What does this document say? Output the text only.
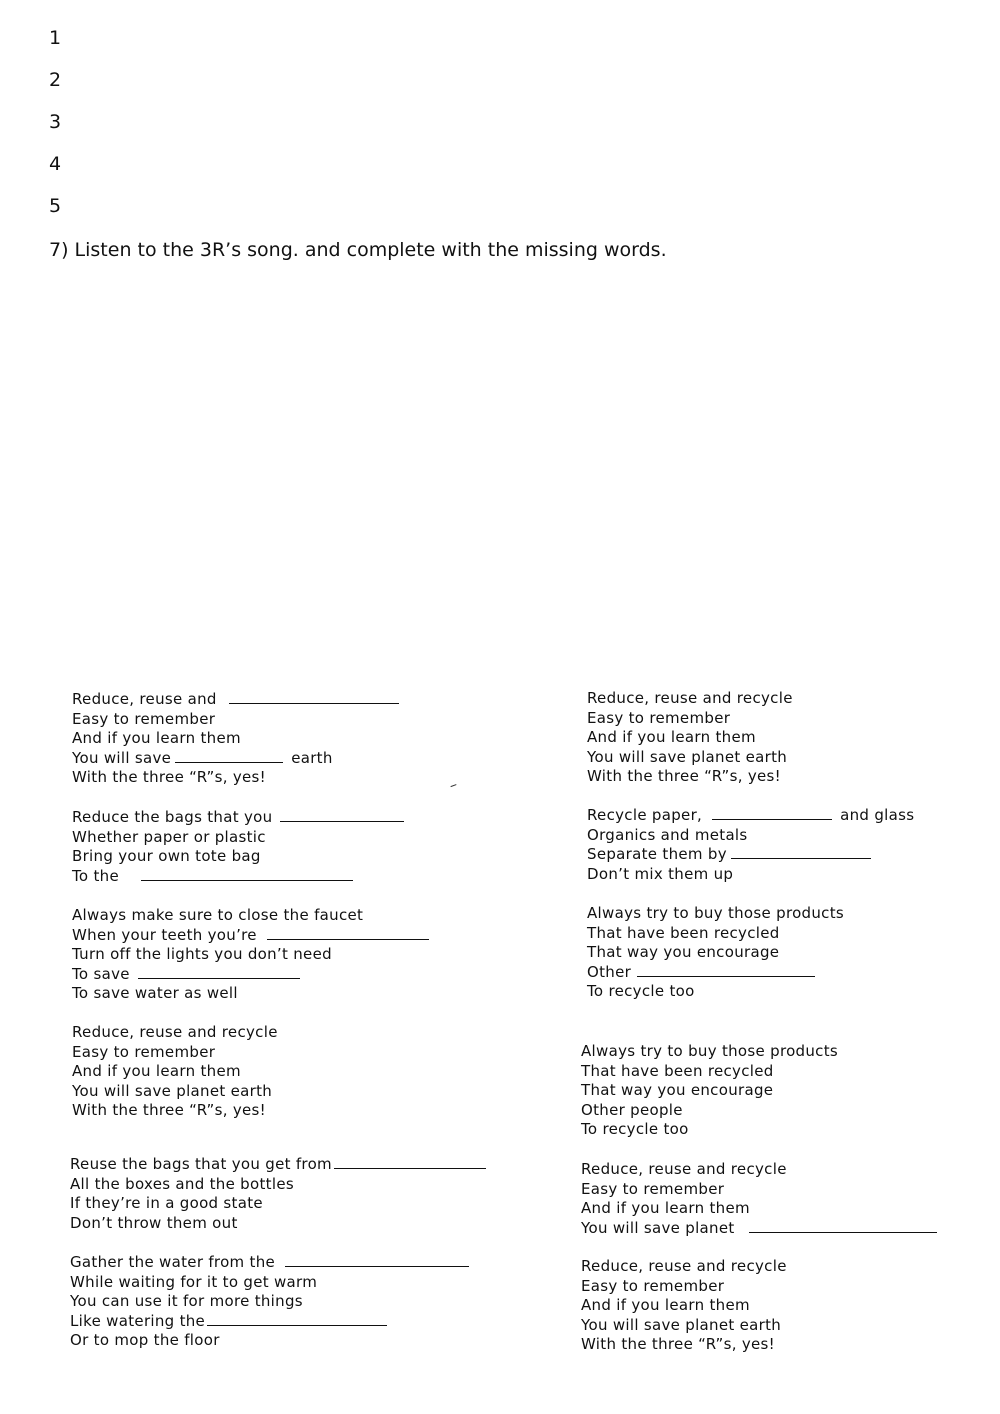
1
2
3
4
5

7) Listen to the 3R’s song. and complete with the missing words.

Reduce, reuse and
Easy to remember
And if you learn them
You will save	earth
With the three “R”s, yes!
Reduce the bags that you
Whether paper or plastic
Bring your own tote bag
To the
Always make sure to close the faucet
When your teeth you’re
Turn off the lights you don’t need
To save
To save water as well
Reduce, reuse and recycle
Easy to remember
And if you learn them
You will save planet earth
With the three “R”s, yes!
Reuse the bags that you get from
All the boxes and the bottles
If they’re in a good state
Don’t throw them out
Gather the water from the
While waiting for it to get warm
You can use it for more things
Like watering the
Or to mop the floor
Reduce, reuse and recycle
Easy to remember
And if you learn them
You will save planet earth
With the three “R”s, yes!
Recycle paper,	and glass
Organics and metals
Separate them by
Don’t mix them up
Always try to buy those products
That have been recycled
That way you encourage
Other
To recycle too
Always try to buy those products
That have been recycled
That way you encourage
Other people
To recycle too
Reduce, reuse and recycle
Easy to remember
And if you learn them
You will save planet
Reduce, reuse and recycle
Easy to remember
And if you learn them
You will save planet earth
With the three “R”s, yes!
